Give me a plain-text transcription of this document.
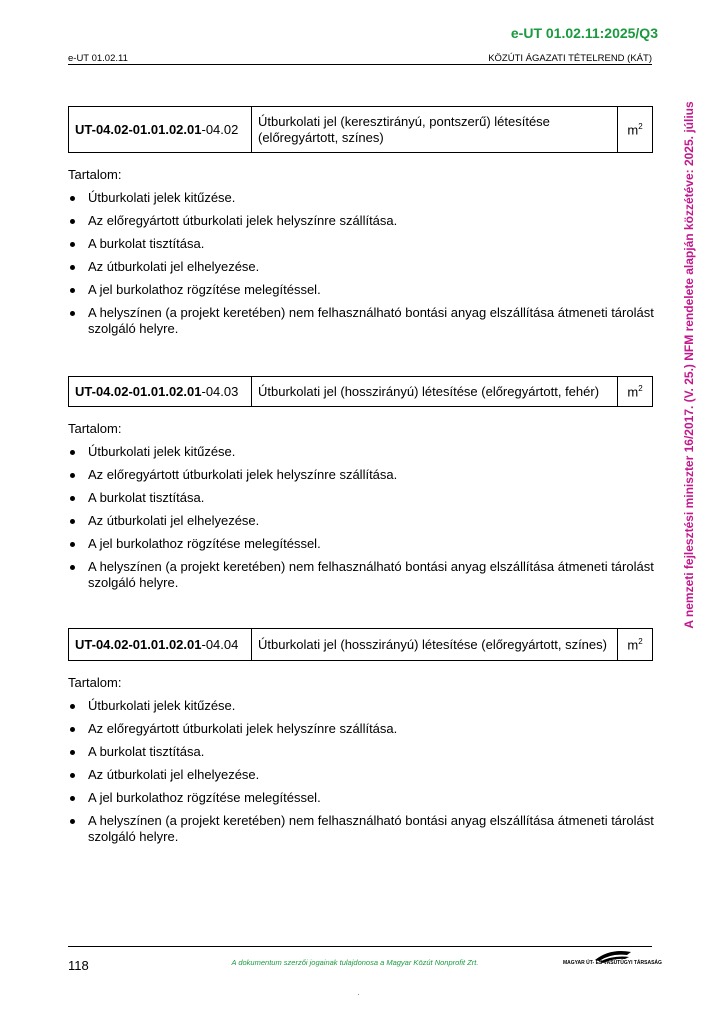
e-UT 01.02.11:2025/Q3
e-UT 01.02.11	KÖZÚTI ÁGAZATI TÉTELREND (KÁT)
A nemzeti fejlesztési miniszter 16/2017. (V. 25.) NFM rendelete alapján közzétéve: 2025. július
UT-04.02-01.01.02.01-04.02	Útburkolati jel (keresztirányú, pontszerű) létesítése (előregyártott, színes)	$m^2$
Tartalom:
Útburkolati jelek kitűzése.
Az előregyártott útburkolati jelek helyszínre szállítása.
A burkolat tisztítása.
Az útburkolati jel elhelyezése.
A jel burkolathoz rögzítése melegítéssel.
A helyszínen (a projekt keretében) nem felhasználható bontási anyag elszállítása átmeneti tárolást szolgáló helyre.
UT-04.02-01.01.02.01-04.03	Útburkolati jel (hosszirányú) létesítése (előregyártott, fehér)	$m^2$
Tartalom:
Útburkolati jelek kitűzése.
Az előregyártott útburkolati jelek helyszínre szállítása.
A burkolat tisztítása.
Az útburkolati jel elhelyezése.
A jel burkolathoz rögzítése melegítéssel.
A helyszínen (a projekt keretében) nem felhasználható bontási anyag elszállítása átmeneti tárolást szolgáló helyre.
UT-04.02-01.01.02.01-04.04	Útburkolati jel (hosszirányú) létesítése (előregyártott, színes)	$m^2$
Tartalom:
Útburkolati jelek kitűzése.
Az előregyártott útburkolati jelek helyszínre szállítása.
A burkolat tisztítása.
Az útburkolati jel elhelyezése.
A jel burkolathoz rögzítése melegítéssel.
A helyszínen (a projekt keretében) nem felhasználható bontási anyag elszállítása átmeneti tárolást szolgáló helyre.
118	A dokumentum szerzői jogainak tulajdonosa a Magyar Közút Nonprofit Zrt.	MAGYAR ÚT- ÉS VASÚTÜGYI TÁRSASÁG
